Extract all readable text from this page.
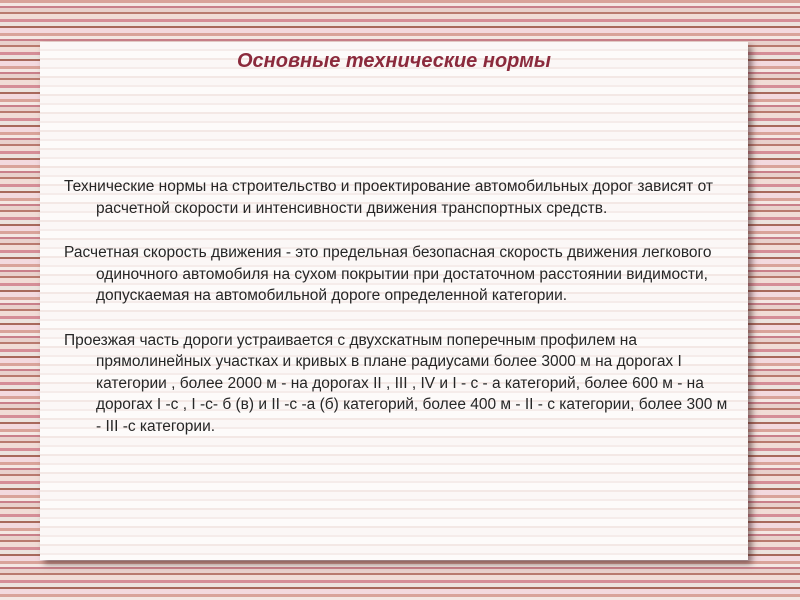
Основные технические нормы

Технические нормы на строительство и проектирование автомобильных дорог зависят от расчетной скорости и интенсивности движения транспортных средств.

Расчетная скорость движения - это предельная безопасная скорость движения легкового одиночного автомобиля на сухом покрытии при достаточном расстоянии видимости, допускаемая на автомобильной дороге определенной категории.

Проезжая часть дороги устраивается с двухскатным поперечным профилем на прямолинейных участках и кривых в плане радиусами более 3000 м на дорогах I категории , более 2000 м - на дорогах II , III , IV и I - с - а категорий, более 600 м - на дорогах I -с , I -с- б (в) и II -с -а (б) категорий, более 400 м - II - с категории, более 300 м - III -с категории.
